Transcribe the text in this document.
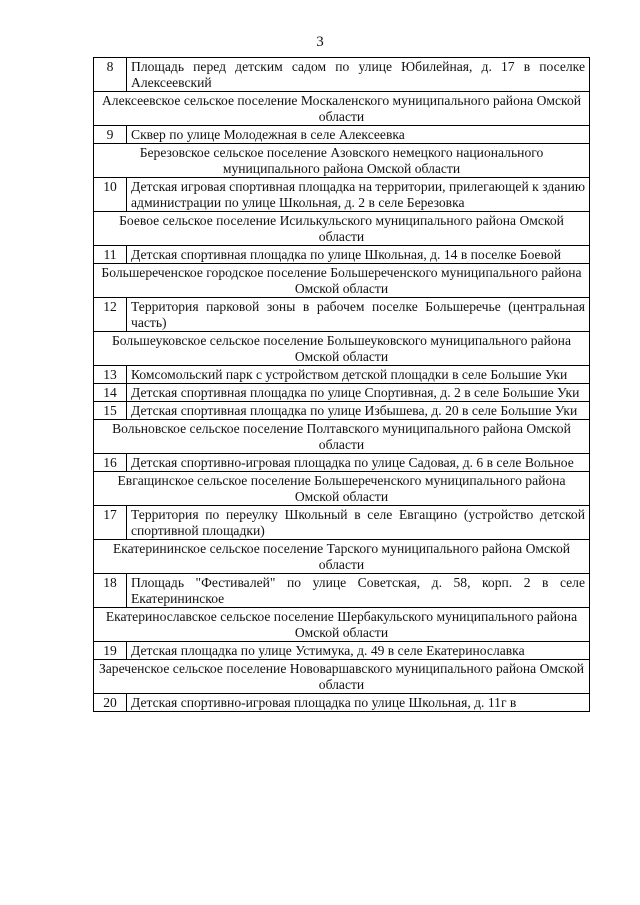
3
8	Площадь перед детским садом по улице Юбилейная, д. 17 в поселке Алексеевский
Алексеевское сельское поселение Москаленского муниципального района Омской области	
9	Сквер по улице Молодежная в селе Алексеевка
Березовское сельское поселение Азовского немецкого национального муниципального района Омской области	
10	Детская игровая спортивная площадка на территории, прилегающей к зданию администрации по улице Школьная, д. 2 в селе Березовка
Боевое сельское поселение Исилькульского муниципального района Омской области	
11	Детская спортивная площадка по улице Школьная, д. 14 в поселке Боевой
Большереченское городское поселение Большереченского муниципального района Омской области	
12	Территория парковой зоны в рабочем поселке Большеречье (центральная часть)
Большеуковское сельское поселение Большеуковского муниципального района Омской области	
13	Комсомольский парк с устройством детской площадки в селе Большие Уки
14	Детская спортивная площадка по улице Спортивная, д. 2 в селе Большие Уки
15	Детская спортивная площадка по улице Избышева, д. 20 в селе Большие Уки
Вольновское сельское поселение Полтавского муниципального района Омской области	
16	Детская спортивно-игровая площадка по улице Садовая, д. 6 в селе Вольное
Евгащинское сельское поселение Большереченского муниципального района Омской области	
17	Территория по переулку Школьный в селе Евгащино (устройство детской спортивной площадки)
Екатерининское сельское поселение Тарского муниципального района Омской области	
18	Площадь "Фестивалей" по улице Советская, д. 58, корп. 2 в селе Екатерининское
Екатеринославское сельское поселение Шербакульского муниципального района Омской области	
19	Детская площадка по улице Устимука, д. 49 в селе Екатеринославка
Зареченское сельское поселение Нововаршавского муниципального района Омской области	
20	Детская спортивно-игровая площадка по улице Школьная, д. 11г в
